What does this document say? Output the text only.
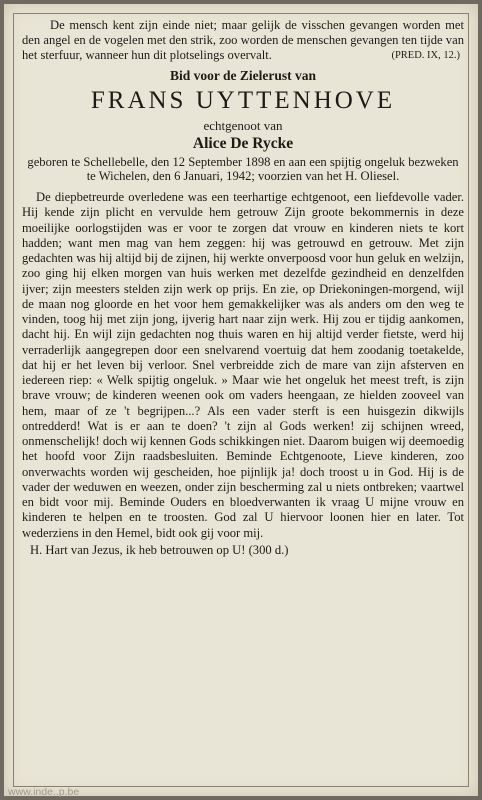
De mensch kent zijn einde niet; maar gelijk de visschen gevangen worden met den angel en de vogelen met den strik, zoo worden de menschen gevangen ten tijde van het sterfuur, wanneer hun dit plotselings overvalt.	(PRED. IX, 12.)

Bid voor de Zielerust van

FRANS UYTTENHOVE

echtgenoot van

Alice De Rycke

geboren te Schellebelle, den 12 September 1898 en aan een spijtig ongeluk bezweken te Wichelen, den 6 Januari, 1942; voorzien van het H. Oliesel.

De diepbetreurde overledene was een teerhartige echtgenoot, een liefdevolle vader. Hij kende zijn plicht en vervulde hem getrouw Zijn groote bekommernis in deze moeilijke oorlogstijden was er voor te zorgen dat vrouw en kinderen niets te kort hadden; want men mag van hem zeggen: hij was getrouwd en getrouw. Met zijn gedachten was hij altijd bij de zijnen, hij werkte onverpoosd voor hun geluk en welzijn, zoo ging hij elken morgen van huis werken met dezelfde gezindheid en denzelfden ijver; zijn meesters stelden zijn werk op prijs. En zie, op Driekoningen-morgend, wijl de maan nog gloorde en het voor hem gemakkelijker was als anders om den weg te vinden, toog hij met zijn jong, ijverig hart naar zijn werk. Hij zou er tijdig aankomen, dacht hij. En wijl zijn gedachten nog thuis waren en hij altijd verder fietste, werd hij verraderlijk aangegrepen door een snelvarend voertuig dat hem zoodanig toetakelde, dat hij er het leven bij verloor. Snel verbreidde zich de mare van zijn afsterven en iedereen riep: « Welk spijtig ongeluk. » Maar wie het ongeluk het meest treft, is zijn brave vrouw; de kinderen weenen ook om vaders heengaan, ze hielden zooveel van hem, maar of ze 't begrijpen...? Als een vader sterft is een huisgezin dikwijls ontredderd! Wat is er aan te doen? 't zijn al Gods werken! zij schijnen wreed, onmenschelijk! doch wij kennen Gods schikkingen niet. Daarom buigen wij deemoedig het hoofd voor Zijn raadsbesluiten. Beminde Echtgenoote, Lieve kinderen, zoo onverwachts worden wij gescheiden, hoe pijnlijk ja! doch troost u in God. Hij is de vader der weduwen en weezen, onder zijn bescherming zal u niets ontbreken; vaartwel en bidt voor mij. Beminde Ouders en bloedverwanten ik vraag U mijne vrouw en kinderen te helpen en te troosten. God zal U hiervoor loonen hier en later. Tot wederziens in den Hemel, bidt ook gij voor mij.

H. Hart van Jezus, ik heb betrouwen op U! (300 d.)

www.inde..p.be
